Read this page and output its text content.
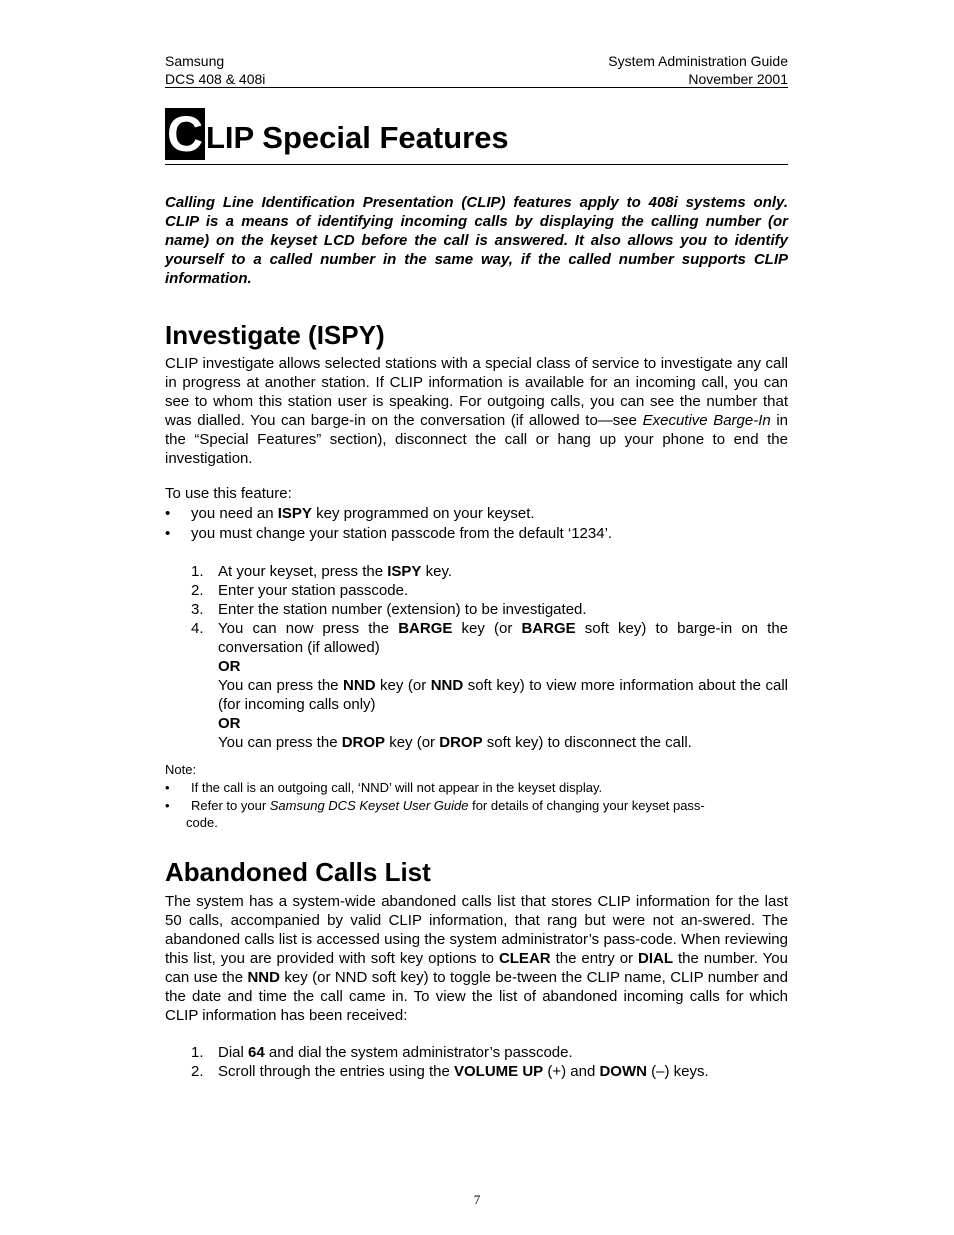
Samsung
DCS 408 & 408i
System Administration Guide
November 2001
C LIP Special Features
Calling Line Identification Presentation (CLIP) features apply to 408i systems only. CLIP is a means of identifying incoming calls by displaying the calling number (or name) on the keyset LCD before the call is answered. It also allows you to identify yourself to a called number in the same way, if the called number supports CLIP information.
Investigate (ISPY)
CLIP investigate allows selected stations with a special class of service to investigate any call in progress at another station. If CLIP information is available for an incoming call, you can see to whom this station user is speaking. For outgoing calls, you can see the number that was dialled. You can barge-in on the conversation (if allowed to—see Executive Barge-In in the “Special Features” section), disconnect the call or hang up your phone to end the investigation.
To use this feature:
• you need an ISPY key programmed on your keyset.
• you must change your station passcode from the default ‘1234’.
1. At your keyset, press the ISPY key.
2. Enter your station passcode.
3. Enter the station number (extension) to be investigated.
4. You can now press the BARGE key (or BARGE soft key) to barge-in on the conversation (if allowed)
OR
You can press the NND key (or NND soft key) to view more information about the call (for incoming calls only)
OR
You can press the DROP key (or DROP soft key) to disconnect the call.
Note:
• If the call is an outgoing call, ‘NND’ will not appear in the keyset display.
• Refer to your Samsung DCS Keyset User Guide for details of changing your keyset pass-
code.
Abandoned Calls List
The system has a system-wide abandoned calls list that stores CLIP information for the last 50 calls, accompanied by valid CLIP information, that rang but were not an-swered. The abandoned calls list is accessed using the system administrator’s pass-code. When reviewing this list, you are provided with soft key options to CLEAR the entry or DIAL the number. You can use the NND key (or NND soft key) to toggle be-tween the CLIP name, CLIP number and the date and time the call came in. To view the list of abandoned incoming calls for which CLIP information has been received:
1. Dial 64 and dial the system administrator’s passcode.
2. Scroll through the entries using the VOLUME UP (+) and DOWN (–) keys.
7
